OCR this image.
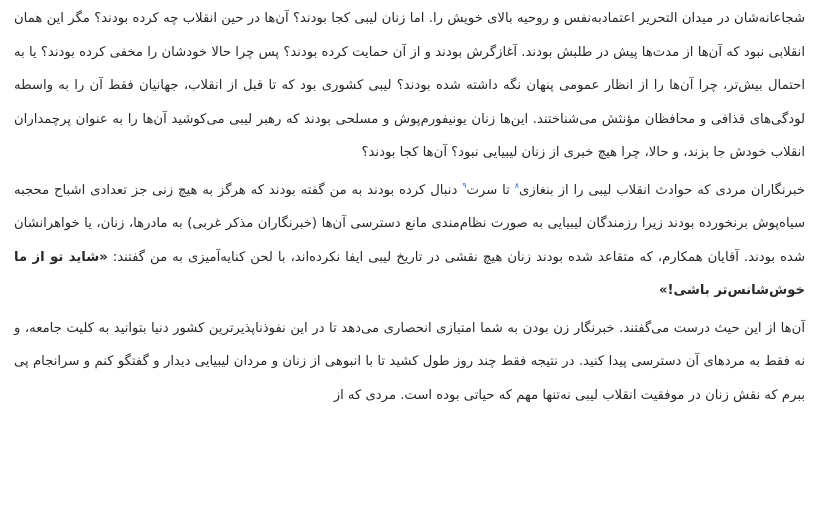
شجاعانه‌شان در میدان التحریر اعتمادبه‌نفس و روحیه بالای خویش را. اما زنان لیبی کجا بودند؟ آن‌ها در حین انقلاب چه کرده بودند؟ مگر این همان انقلابی نبود که آن‌ها از مدت‌ها پیش در طلبش بودند. آغازگرش بودند و از آن حمایت کرده بودند؟ پس چرا حالا خودشان را مخفی کرده بودند؟ یا به احتمال بیش‌تر، چرا آن‌ها را از انظار عمومی پنهان نگه داشته شده بودند؟ لیبی کشوری بود که تا قبل از انقلاب، جهانیان فقط آن را به واسطه لودگی‌های قذافی و محافظان مؤنثش می‌شناختند. این‌ها زنان یونیفورم‌پوش و مسلحی بودند که رهبر لیبی می‌کوشید آن‌ها را به عنوان پرچمداران انقلاب خودش جا بزند، و حالا، چرا هیچ خبری از زنان لیبیایی نبود؟ آن‌ها کجا بودند؟

خبرنگاران مردی که حوادث انقلاب لیبی را از بنغازی$^۸$ تا سرت$^۹$ دنبال کرده بودند به من گفته بودند که هرگز به هیچ زنی جز تعدادی اشباح محجبه سیاه‌پوش برنخورده بودند زیرا رزمندگان لیبیایی به صورت نظام‌مندی مانع دسترسی آن‌ها (خبرنگاران مذکر غربی) به مادرها، زنان، یا خواهرانشان شده بودند. آقایان همکارم، که متقاعد شده بودند زنان هیچ نقشی در تاریخ لیبی ایفا نکرده‌اند، با لحن کنایه‌آمیزی به من گفتند: «شاید تو از ما خوش‌شانس‌تر باشی!»

آن‌ها از این حیث درست می‌گفتند. خبرنگار زن بودن به شما امتیازی انحصاری می‌دهد تا در این نفوذناپذیرترین کشور دنیا بتوانید به کلیت جامعه، و نه فقط به مردهای آن دسترسی پیدا کنید. در نتیجه فقط چند روز طول کشید تا با انبوهی از زنان و مردان لیبیایی دیدار و گفتگو کنم و سرانجام پی ببرم که نقش زنان در موفقیت انقلاب لیبی نه‌تنها مهم که حیاتی بوده است. مردی که از
